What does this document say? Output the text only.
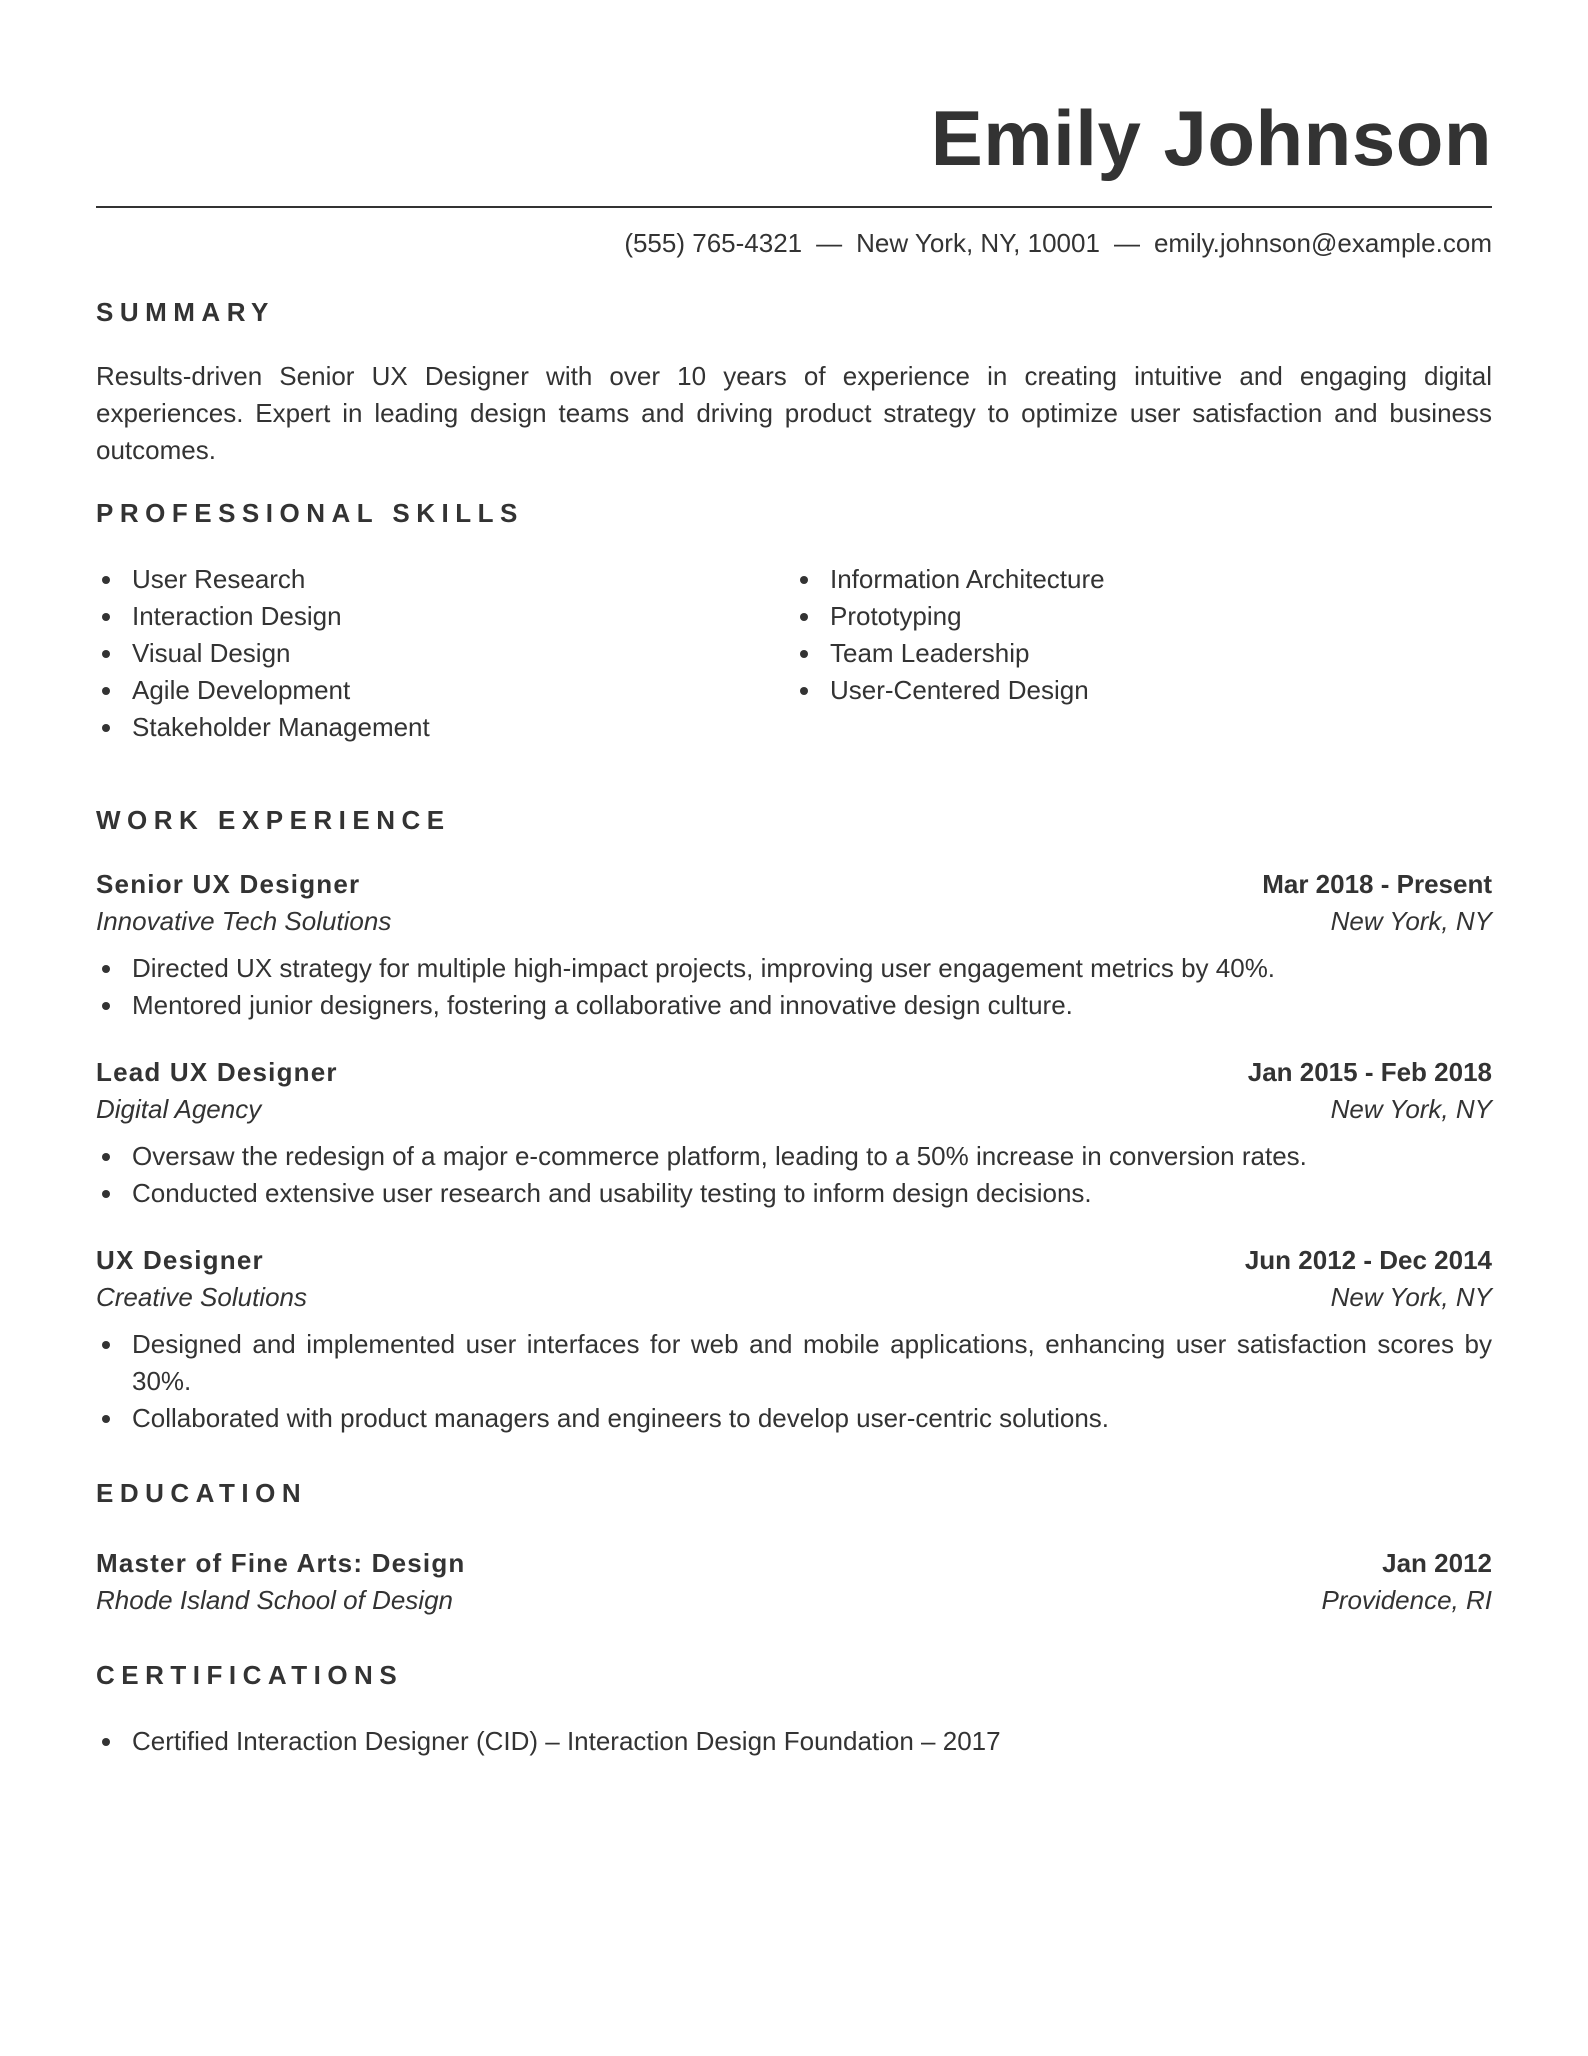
Emily Johnson
(555) 765-4321 — New York, NY, 10001 — emily.johnson@example.com
SUMMARY
Results-driven Senior UX Designer with over 10 years of experience in creating intuitive and engaging digital experiences. Expert in leading design teams and driving product strategy to optimize user satisfaction and business outcomes.
PROFESSIONAL SKILLS
User Research
Interaction Design
Visual Design
Agile Development
Stakeholder Management
Information Architecture
Prototyping
Team Leadership
User-Centered Design
WORK EXPERIENCE
Senior UX Designer	Mar 2018 - Present
Innovative Tech Solutions	New York, NY
Directed UX strategy for multiple high-impact projects, improving user engagement metrics by 40%.
Mentored junior designers, fostering a collaborative and innovative design culture.
Lead UX Designer	Jan 2015 - Feb 2018
Digital Agency	New York, NY
Oversaw the redesign of a major e-commerce platform, leading to a 50% increase in conversion rates.
Conducted extensive user research and usability testing to inform design decisions.
UX Designer	Jun 2012 - Dec 2014
Creative Solutions	New York, NY
Designed and implemented user interfaces for web and mobile applications, enhancing user satisfaction scores by 30%.
Collaborated with product managers and engineers to develop user-centric solutions.
EDUCATION
Master of Fine Arts: Design	Jan 2012
Rhode Island School of Design	Providence, RI
CERTIFICATIONS
Certified Interaction Designer (CID) – Interaction Design Foundation – 2017
